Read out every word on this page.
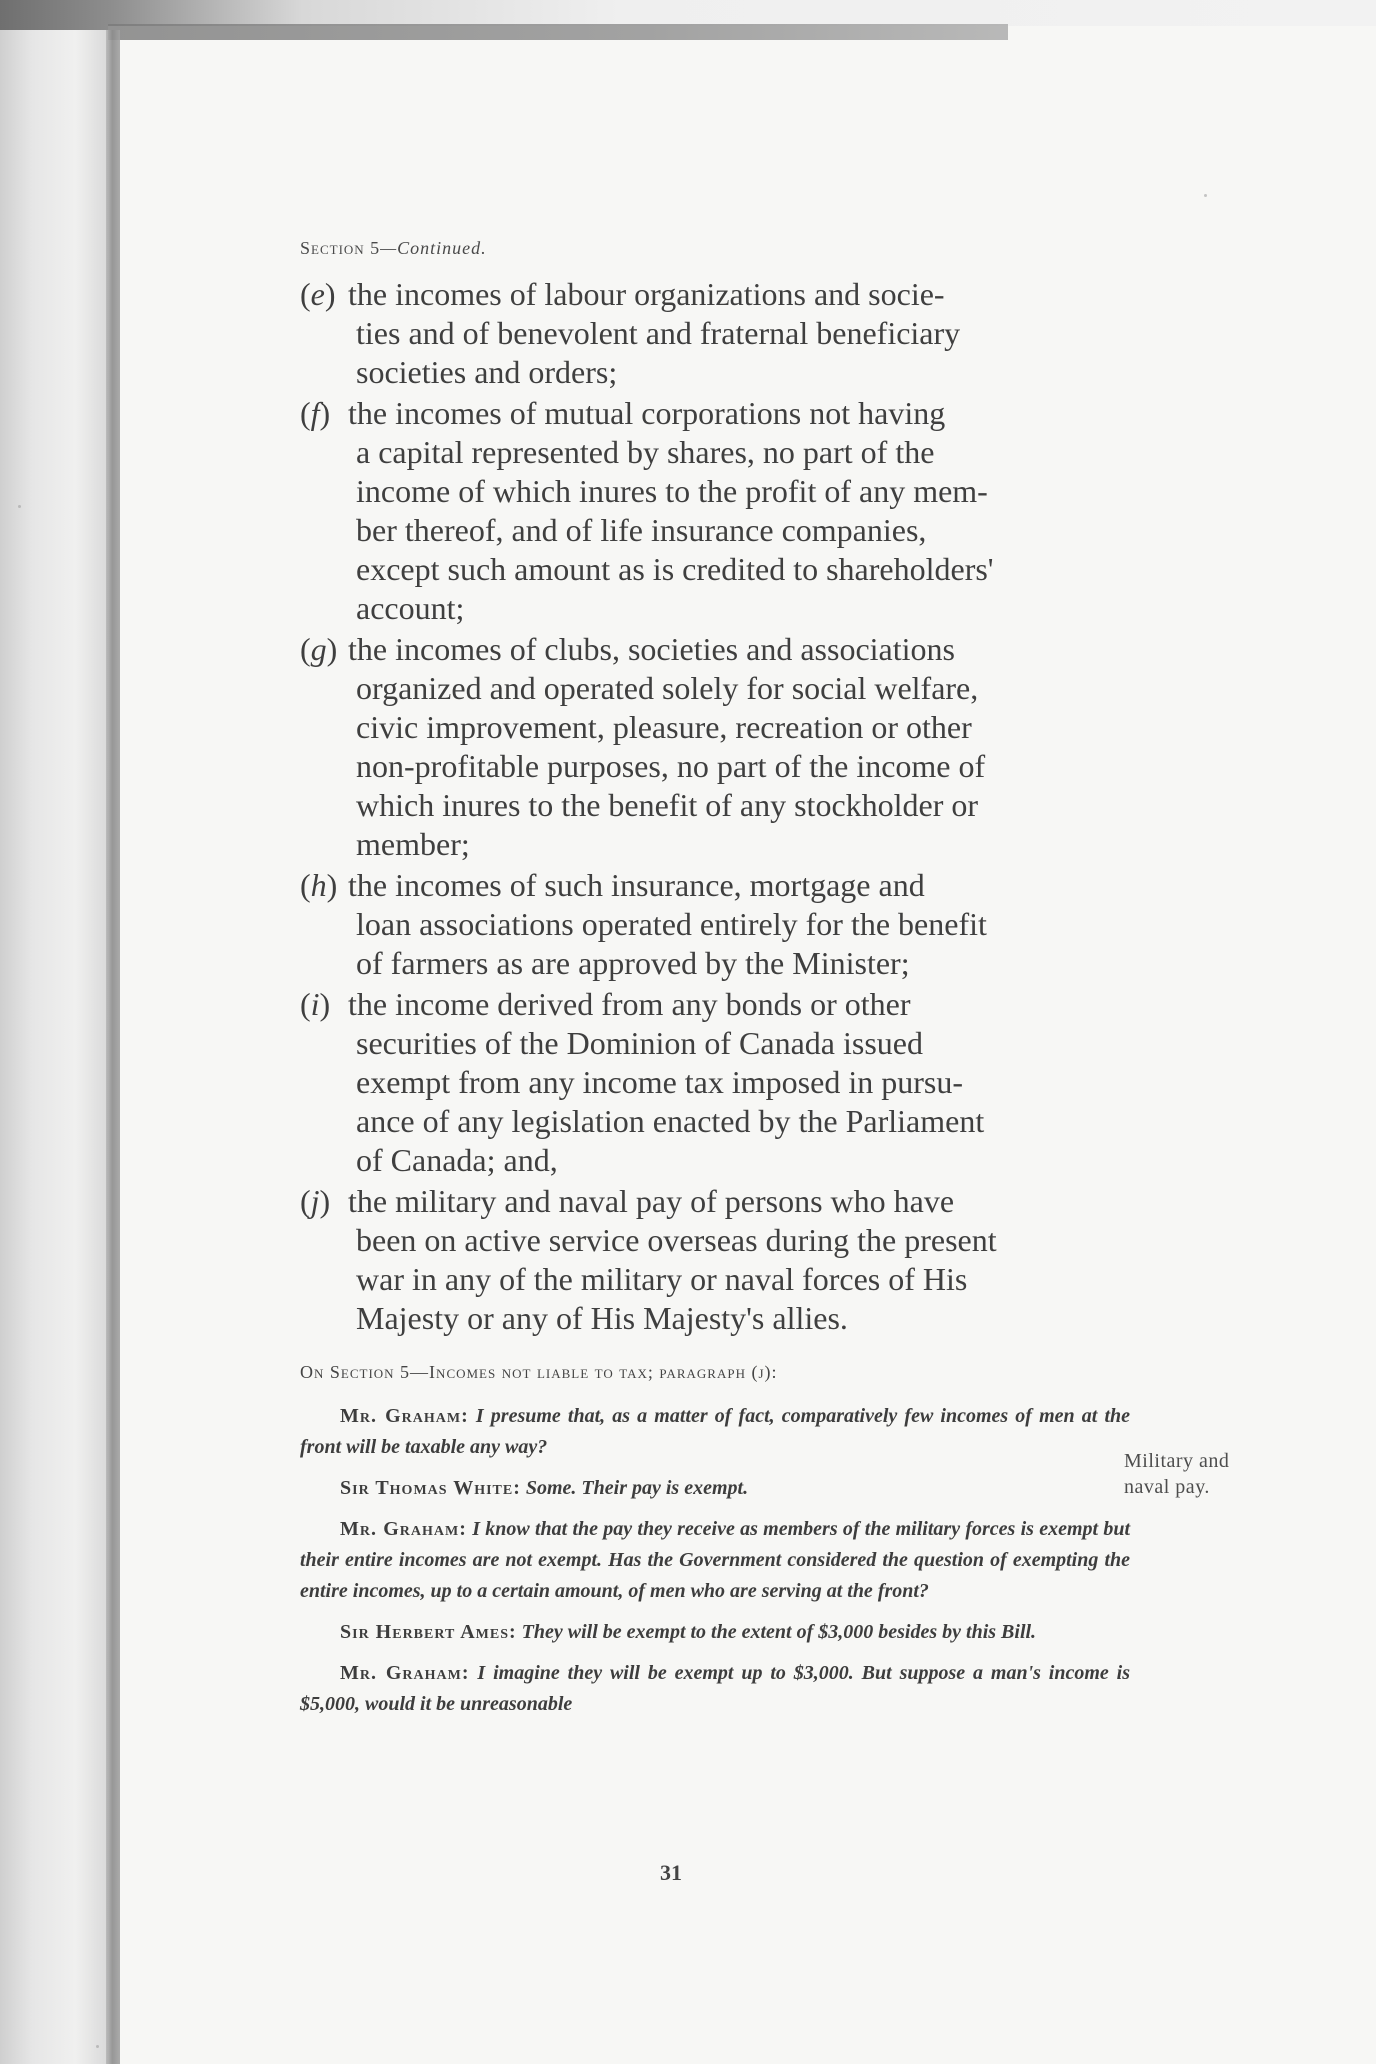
Section 5—Continued.
(e) the incomes of labour organizations and socie-
ties and of benevolent and fraternal beneficiary
societies and orders;
(f) the incomes of mutual corporations not having
a capital represented by shares, no part of the
income of which inures to the profit of any mem-
ber thereof, and of life insurance companies,
except such amount as is credited to shareholders'
account;
(g) the incomes of clubs, societies and associations
organized and operated solely for social welfare,
civic improvement, pleasure, recreation or other
non-profitable purposes, no part of the income of
which inures to the benefit of any stockholder or
member;
(h) the incomes of such insurance, mortgage and
loan associations operated entirely for the benefit
of farmers as are approved by the Minister;
(i) the income derived from any bonds or other
securities of the Dominion of Canada issued
exempt from any income tax imposed in pursu-
ance of any legislation enacted by the Parliament
of Canada; and,
(j) the military and naval pay of persons who have
been on active service overseas during the present
war in any of the military or naval forces of His
Majesty or any of His Majesty's allies.
On Section 5—Incomes not liable to tax; paragraph (j):

Mr. Graham: I presume that, as a matter of fact, comparatively few incomes of men at the front will be taxable any way?

Sir Thomas White: Some. Their pay is exempt.

Mr. Graham: I know that the pay they receive as members of the military forces is exempt but their entire incomes are not exempt. Has the Government considered the question of exempting the entire incomes, up to a certain amount, of men who are serving at the front?

Sir Herbert Ames: They will be exempt to the extent of $3,000 besides by this Bill.

Mr. Graham: I imagine they will be exempt up to $3,000. But suppose a man's income is $5,000, would it be unreasonable

Military and naval pay.
31
